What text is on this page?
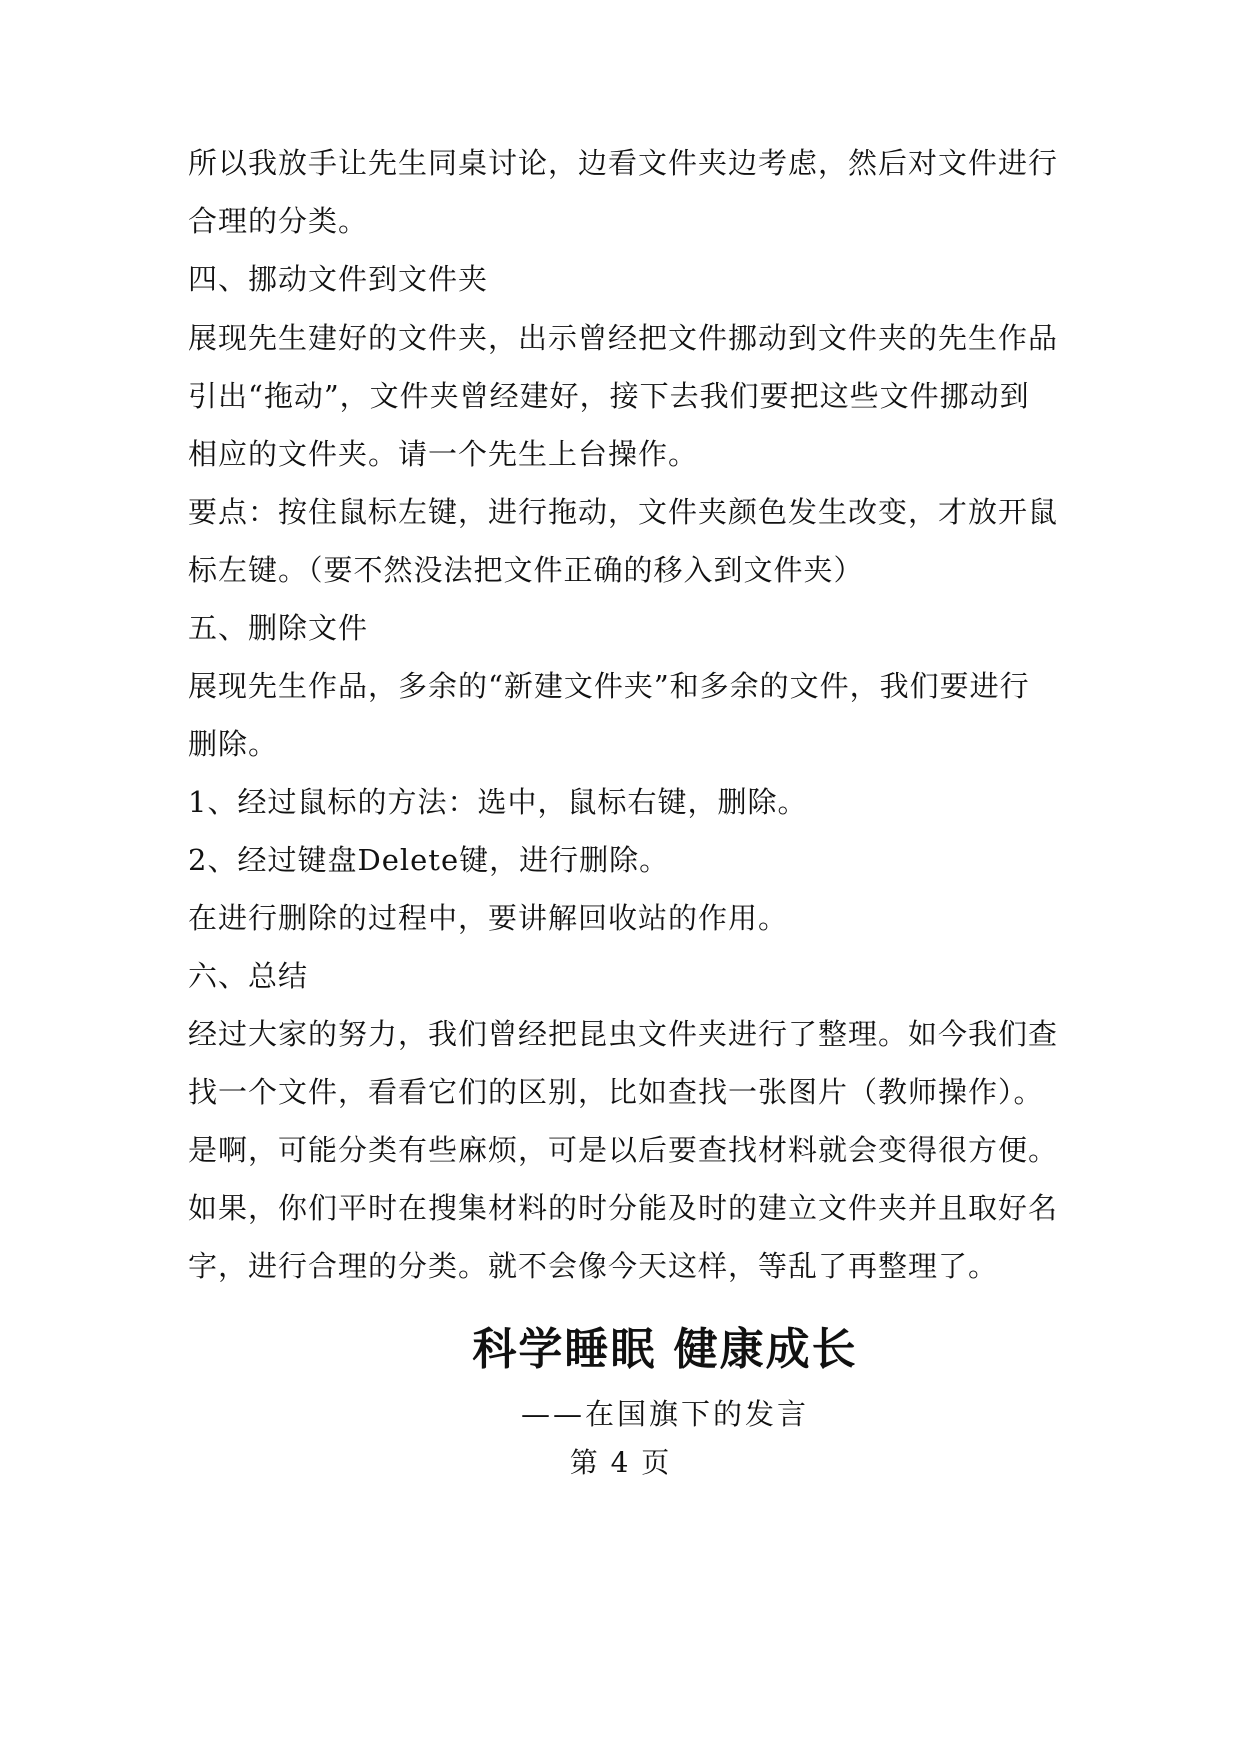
所以我放手让先生同桌讨论，边看文件夹边考虑，然后对文件进行
合理的分类。
四、挪动文件到文件夹
展现先生建好的文件夹，出示曾经把文件挪动到文件夹的先生作品
引出“拖动”，文件夹曾经建好，接下去我们要把这些文件挪动到
相应的文件夹。请一个先生上台操作。
要点：按住鼠标左键，进行拖动，文件夹颜色发生改变，才放开鼠
标左键。（要不然没法把文件正确的移入到文件夹）
五、删除文件
展现先生作品，多余的“新建文件夹”和多余的文件，我们要进行
删除。
1、经过鼠标的方法：选中，鼠标右键，删除。
2、经过键盘Delete键，进行删除。
在进行删除的过程中，要讲解回收站的作用。
六、总结
经过大家的努力，我们曾经把昆虫文件夹进行了整理。如今我们查
找一个文件，看看它们的区别，比如查找一张图片（教师操作）。
是啊，可能分类有些麻烦，可是以后要查找材料就会变得很方便。
如果，你们平时在搜集材料的时分能及时的建立文件夹并且取好名
字，进行合理的分类。就不会像今天这样，等乱了再整理了。
科学睡眠 健康成长
——在国旗下的发言
第 4 页
